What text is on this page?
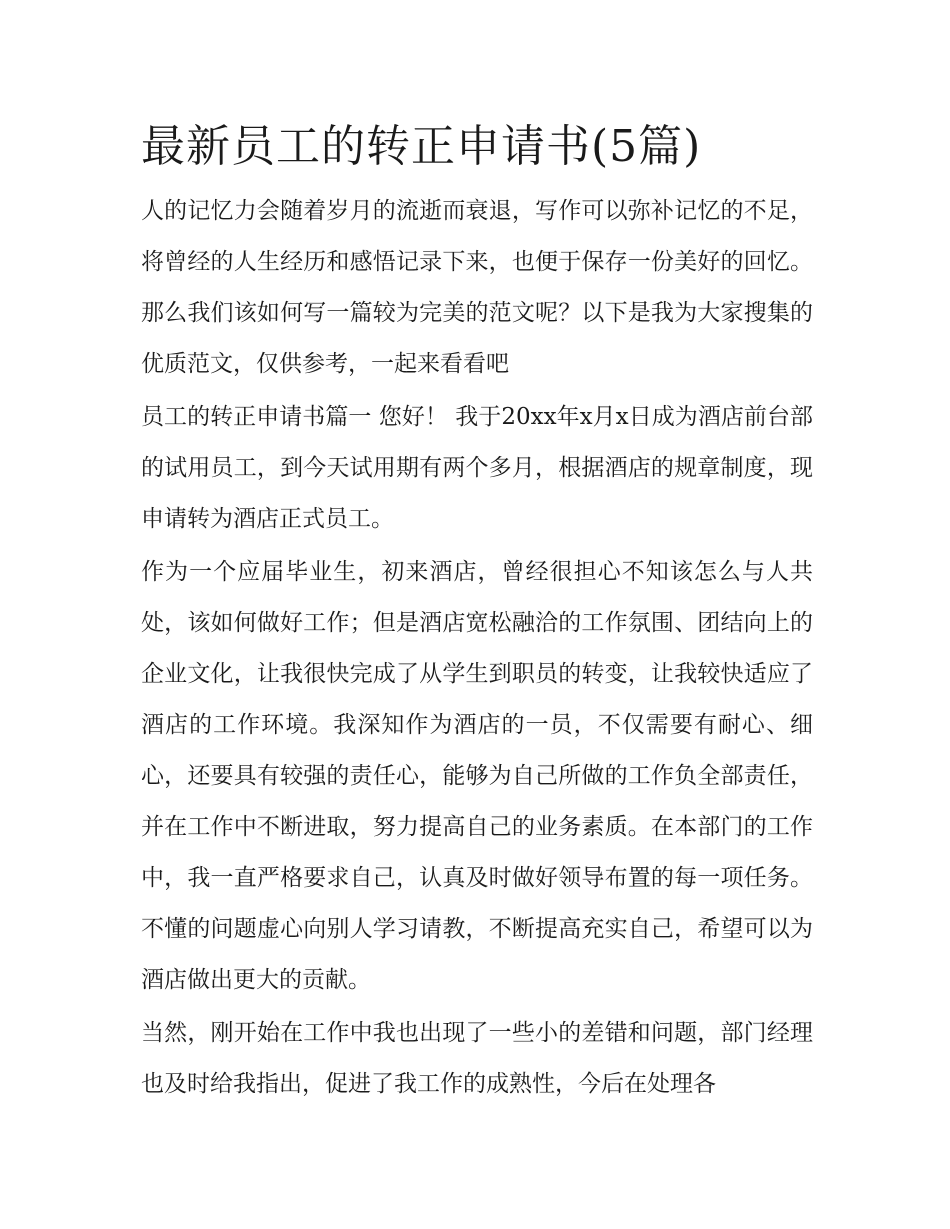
最新员工的转正申请书(5篇)

人的记忆力会随着岁月的流逝而衰退，写作可以弥补记忆的不足，将曾经的人生经历和感悟记录下来，也便于保存一份美好的回忆。那么我们该如何写一篇较为完美的范文呢？以下是我为大家搜集的优质范文，仅供参考，一起来看看吧

员工的转正申请书篇一 您好！ 我于20xx年x月x日成为酒店前台部的试用员工，到今天试用期有两个多月，根据酒店的规章制度，现申请转为酒店正式员工。

作为一个应届毕业生，初来酒店，曾经很担心不知该怎么与人共处，该如何做好工作；但是酒店宽松融洽的工作氛围、团结向上的企业文化，让我很快完成了从学生到职员的转变，让我较快适应了酒店的工作环境。我深知作为酒店的一员，不仅需要有耐心、细心，还要具有较强的责任心，能够为自己所做的工作负全部责任，并在工作中不断进取，努力提高自己的业务素质。在本部门的工作中，我一直严格要求自己，认真及时做好领导布置的每一项任务。不懂的问题虚心向别人学习请教，不断提高充实自己，希望可以为酒店做出更大的贡献。

当然，刚开始在工作中我也出现了一些小的差错和问题，部门经理也及时给我指出，促进了我工作的成熟性，今后在处理各
